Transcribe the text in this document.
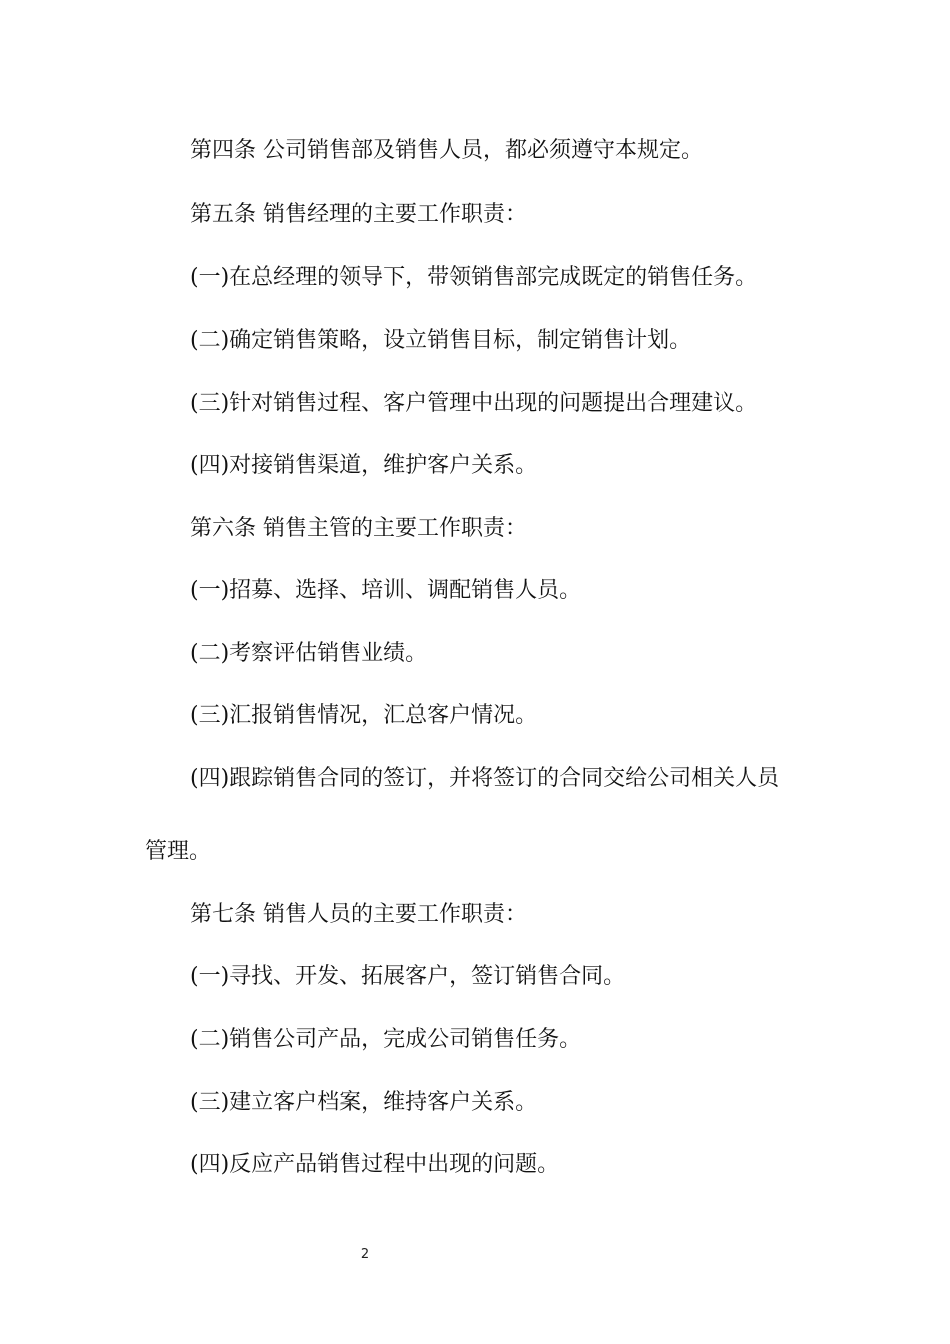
第四条 公司销售部及销售人员，都必须遵守本规定。
第五条 销售经理的主要工作职责：
(一)在总经理的领导下，带领销售部完成既定的销售任务。
(二)确定销售策略，设立销售目标，制定销售计划。
(三)针对销售过程、客户管理中出现的问题提出合理建议。
(四)对接销售渠道，维护客户关系。
第六条 销售主管的主要工作职责：
(一)招募、选择、培训、调配销售人员。
(二)考察评估销售业绩。
(三)汇报销售情况，汇总客户情况。
(四)跟踪销售合同的签订，并将签订的合同交给公司相关人员
管理。
第七条 销售人员的主要工作职责：
(一)寻找、开发、拓展客户，签订销售合同。
(二)销售公司产品，完成公司销售任务。
(三)建立客户档案，维持客户关系。
(四)反应产品销售过程中出现的问题。
2
